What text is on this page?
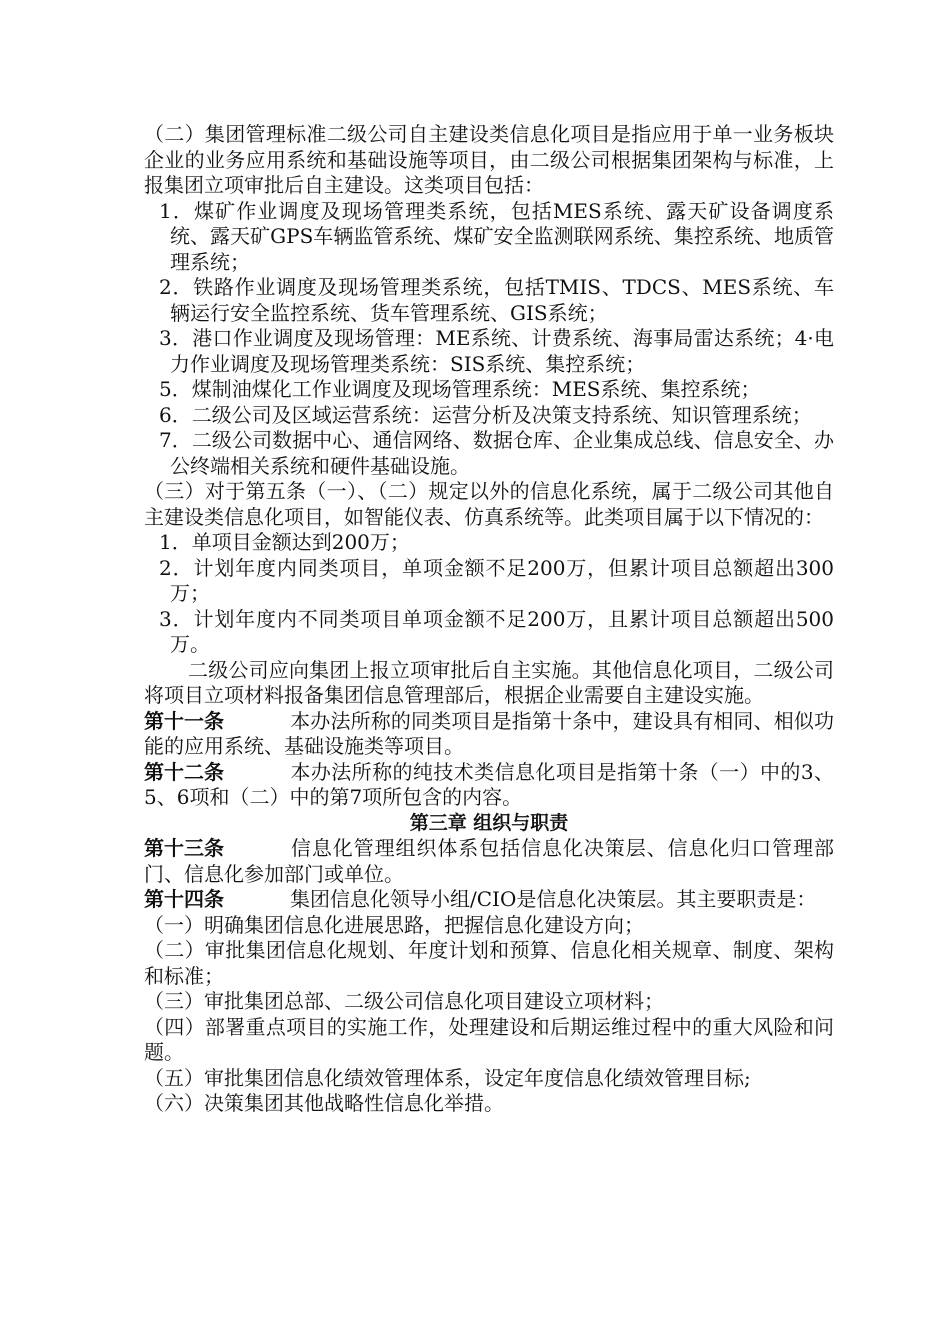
（二）集团管理标准二级公司自主建设类信息化项目是指应用于单一业务板块企业的业务应用系统和基础设施等项目，由二级公司根据集团架构与标准，上报集团立项审批后自主建设。这类项目包括：

1．煤矿作业调度及现场管理类系统，包括MES系统、露天矿设备调度系统、露天矿GPS车辆监管系统、煤矿安全监测联网系统、集控系统、地质管理系统；

2．铁路作业调度及现场管理类系统，包括TMIS、TDCS、MES系统、车辆运行安全监控系统、货车管理系统、GIS系统；

3．港口作业调度及现场管理：ME系统、计费系统、海事局雷达系统；4·电力作业调度及现场管理类系统：SIS系统、集控系统；

5．煤制油煤化工作业调度及现场管理系统：MES系统、集控系统；

6．二级公司及区域运营系统：运营分析及决策支持系统、知识管理系统；

7．二级公司数据中心、通信网络、数据仓库、企业集成总线、信息安全、办公终端相关系统和硬件基础设施。

（三）对于第五条（一）、（二）规定以外的信息化系统，属于二级公司其他自主建设类信息化项目，如智能仪表、仿真系统等。此类项目属于以下情况的：

1．单项目金额达到200万；

2．计划年度内同类项目，单项金额不足200万，但累计项目总额超出300万；

3．计划年度内不同类项目单项金额不足200万，且累计项目总额超出500万。

二级公司应向集团上报立项审批后自主实施。其他信息化项目，二级公司将项目立项材料报备集团信息管理部后，根据企业需要自主建设实施。

第十一条	本办法所称的同类项目是指第十条中，建设具有相同、相似功能的应用系统、基础设施类等项目。

第十二条	本办法所称的纯技术类信息化项目是指第十条（一）中的3、5、6项和（二）中的第7项所包含的内容。

第三章 组织与职责

第十三条	信息化管理组织体系包括信息化决策层、信息化归口管理部门、信息化参加部门或单位。

第十四条	集团信息化领导小组/CIO是信息化决策层。其主要职责是：

（一）明确集团信息化进展思路，把握信息化建设方向；

（二）审批集团信息化规划、年度计划和预算、信息化相关规章、制度、架构和标准；

（三）审批集团总部、二级公司信息化项目建设立项材料；

（四）部署重点项目的实施工作，处理建设和后期运维过程中的重大风险和问题。

（五）审批集团信息化绩效管理体系，设定年度信息化绩效管理目标;

（六）决策集团其他战略性信息化举措。
